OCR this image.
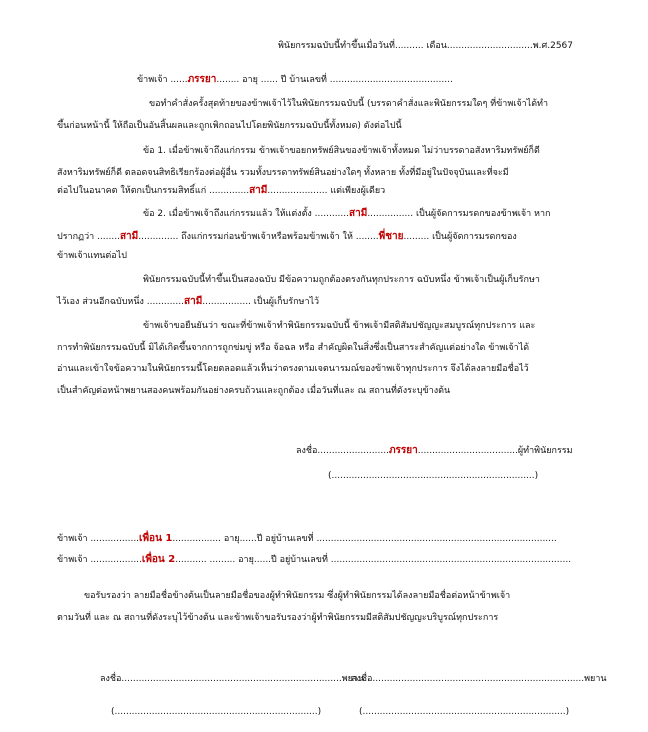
พินัยกรรมฉบับนี้ทำขึ้นเมื่อวันที่.......... เดือน..............................พ.ศ.2567
ข้าพเจ้า ......ภรรยา........ อายุ ...... ปี บ้านเลขที่ ...........................................
ขอทำคำสั่งครั้งสุดท้ายของข้าพเจ้าไว้ในพินัยกรรมฉบับนี้ (บรรดาคำสั่งและพินัยกรรมใดๆ ที่ข้าพเจ้าได้ทำ
ขึ้นก่อนหน้านี้ ให้ถือเป็นอันสิ้นผลและถูกเพิกถอนไปโดยพินัยกรรมฉบับนี้ทั้งหมด) ดังต่อไปนี้
ข้อ 1. เมื่อข้าพเจ้าถึงแก่กรรม ข้าพเจ้าขอยกทรัพย์สินของข้าพเจ้าทั้งหมด ไม่ว่าบรรดาอสังหาริมทรัพย์ก็ดี
สังหาริมทรัพย์ก็ดี ตลอดจนสิทธิเรียกร้องต่อผู้อื่น รวมทั้งบรรดาทรัพย์สินอย่างใดๆ ทั้งหลาย ทั้งที่มีอยู่ในปัจจุบันและที่จะมี
ต่อไปในอนาคต ให้ตกเป็นกรรมสิทธิ์แก่ ..............สามี..................... แต่เพียงผู้เดียว
ข้อ 2. เมื่อข้าพเจ้าถึงแก่กรรมแล้ว ให้แต่งตั้ง ............สามี................ เป็นผู้จัดการมรดกของข้าพเจ้า หาก
ปรากฏว่า ........สามี.............. ถึงแก่กรรมก่อนข้าพเจ้าหรือพร้อมข้าพเจ้า ให้ ........พี่ชาย......... เป็นผู้จัดการมรดกของ
ข้าพเจ้าแทนต่อไป
พินัยกรรมฉบับนี้ทำขึ้นเป็นสองฉบับ มีข้อความถูกต้องตรงกันทุกประการ ฉบับหนึ่ง ข้าพเจ้าเป็นผู้เก็บรักษา
ไว้เอง ส่วนอีกฉบับหนึ่ง .............สามี................. เป็นผู้เก็บรักษาไว้
ข้าพเจ้าขอยืนยันว่า ขณะที่ข้าพเจ้าทำพินัยกรรมฉบับนี้ ข้าพเจ้ามีสติสัมปชัญญะสมบูรณ์ทุกประการ และ
การทำพินัยกรรมฉบับนี้ มิได้เกิดขึ้นจากการถูกข่มขู่ หรือ จ้อฉล หรือ สำคัญผิดในสิ่งซึ่งเป็นสาระสำคัญแต่อย่างใด ข้าพเจ้าได้
อ่านและเข้าใจข้อความในพินัยกรรมนี้โดยตลอดแล้วเห็นว่าตรงตามเจตนารมณ์ของข้าพเจ้าทุกประการ จึงได้ลงลายมือชื่อไว้
เป็นสำคัญต่อหน้าพยานสองคนพร้อมกันอย่างครบถ้วนและถูกต้อง เมื่อวันที่และ ณ สถานที่ดังระบุข้างต้น
ลงชื่อ.........................ภรรยา...................................ผู้ทำพินัยกรรม
(.......................................................................)
ข้าพเจ้า .................เพื่อน 1................. อายุ......ปี อยู่บ้านเลขที่ ....................................................................................
ข้าพเจ้า ..................เพื่อน 2........... ......... อายุ......ปี อยู่บ้านเลขที่ ....................................................................................
ขอรับรองว่า ลายมือชื่อข้างต้นเป็นลายมือชื่อของผู้ทำพินัยกรรม ซึ่งผู้ทำพินัยกรรมได้ลงลายมือชื่อต่อหน้าข้าพเจ้า
ตามวันที่ และ ณ สถานที่ดังระบุไว้ข้างต้น และข้าพเจ้าขอรับรองว่าผู้ทำพินัยกรรมมีสติสัมปชัญญะบริบูรณ์ทุกประการ
ลงชื่อ.............................................................................พยาน
ลงชื่อ..........................................................................พยาน
(.......................................................................)	(.......................................................................)
